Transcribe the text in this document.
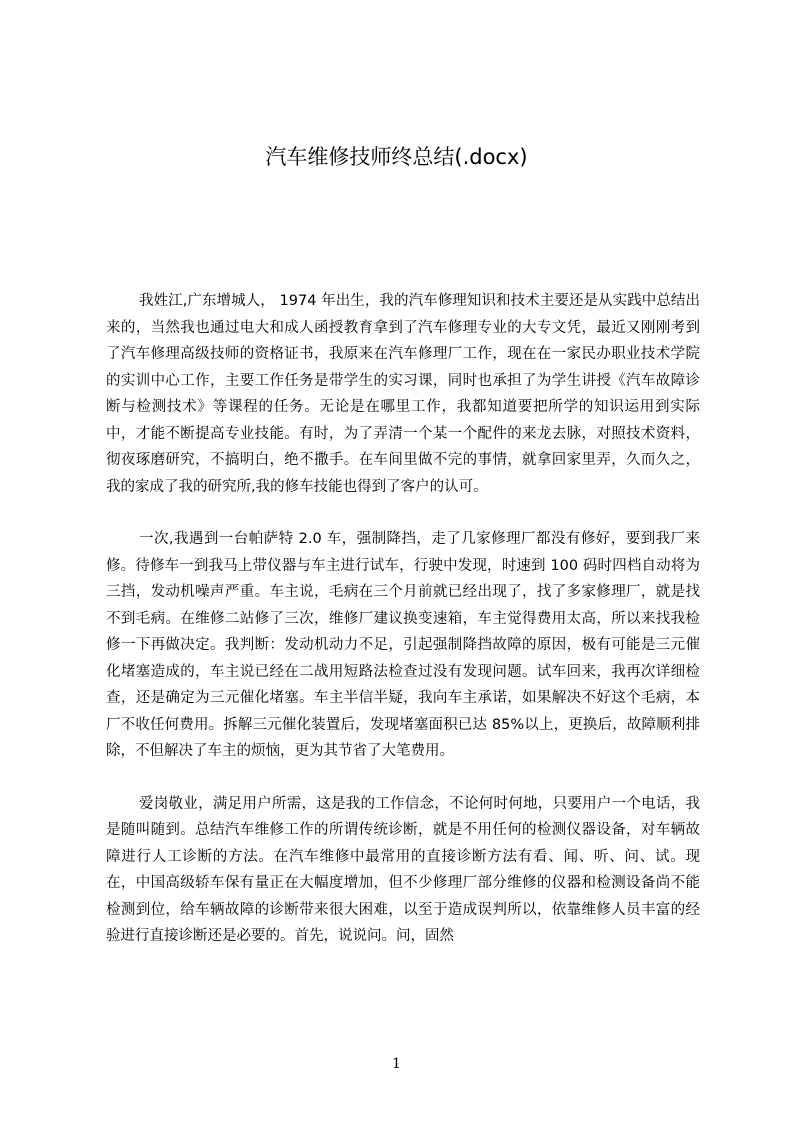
汽车维修技师终总结(.docx)

我姓江,广东增城人， 1974 年出生，我的汽车修理知识和技术主要还是从实践中总结出来的，当然我也通过电大和成人函授教育拿到了汽车修理专业的大专文凭，最近又刚刚考到了汽车修理高级技师的资格证书，我原来在汽车修理厂工作，现在在一家民办职业技术学院的实训中心工作，主要工作任务是带学生的实习课，同时也承担了为学生讲授《汽车故障诊断与检测技术》等课程的任务。无论是在哪里工作，我都知道要把所学的知识运用到实际中，才能不断提高专业技能。有时，为了弄清一个某一个配件的来龙去脉，对照技术资料，彻夜琢磨研究，不搞明白，绝不撒手。在车间里做不完的事情，就拿回家里弄，久而久之，我的家成了我的研究所,我的修车技能也得到了客户的认可。

一次,我遇到一台帕萨特 2.0 车，强制降挡，走了几家修理厂都没有修好，要到我厂来修。待修车一到我马上带仪器与车主进行试车，行驶中发现，时速到 100 码时四档自动将为三挡，发动机噪声严重。车主说，毛病在三个月前就已经出现了，找了多家修理厂，就是找不到毛病。在维修二站修了三次，维修厂建议换变速箱，车主觉得费用太高，所以来找我检修一下再做决定。我判断：发动机动力不足，引起强制降挡故障的原因，极有可能是三元催化堵塞造成的，车主说已经在二战用短路法检查过没有发现问题。试车回来，我再次详细检查，还是确定为三元催化堵塞。车主半信半疑，我向车主承诺，如果解决不好这个毛病，本厂不收任何费用。拆解三元催化装置后，发现堵塞面积已达 85%以上，更换后，故障顺利排除，不但解决了车主的烦恼，更为其节省了大笔费用。

爱岗敬业，满足用户所需，这是我的工作信念，不论何时何地，只要用户一个电话，我是随叫随到。总结汽车维修工作的所谓传统诊断，就是不用任何的检测仪器设备，对车辆故障进行人工诊断的方法。在汽车维修中最常用的直接诊断方法有看、闻、听、问、试。现在，中国高级轿车保有量正在大幅度增加，但不少修理厂部分维修的仪器和检测设备尚不能检测到位，给车辆故障的诊断带来很大困难，以至于造成误判所以，依靠维修人员丰富的经验进行直接诊断还是必要的。首先，说说问。问，固然

1
